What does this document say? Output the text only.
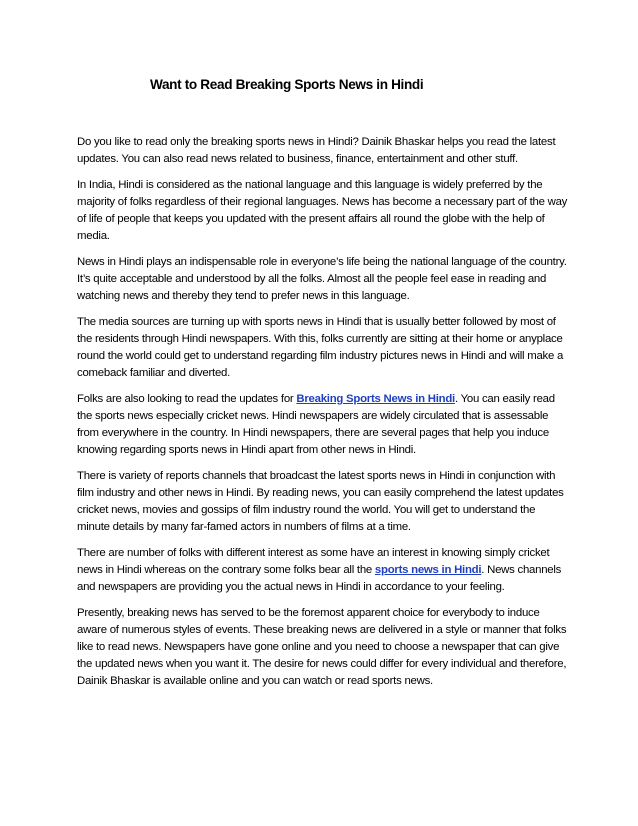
Want to Read Breaking Sports News in Hindi

Do you like to read only the breaking sports news in Hindi? Dainik Bhaskar helps you read the latest updates. You can also read news related to business, finance, entertainment and other stuff.

In India, Hindi is considered as the national language and this language is widely preferred by the majority of folks regardless of their regional languages. News has become a necessary part of the way of life of people that keeps you updated with the present affairs all round the globe with the help of media.

News in Hindi plays an indispensable role in everyone’s life being the national language of the country. It’s quite acceptable and understood by all the folks. Almost all the people feel ease in reading and watching news and thereby they tend to prefer news in this language.

The media sources are turning up with sports news in Hindi that is usually better followed by most of the residents through Hindi newspapers. With this, folks currently are sitting at their home or anyplace round the world could get to understand regarding film industry pictures news in Hindi and will make a comeback familiar and diverted.

Folks are also looking to read the updates for Breaking Sports News in Hindi. You can easily read the sports news especially cricket news. Hindi newspapers are widely circulated that is assessable from everywhere in the country. In Hindi newspapers, there are several pages that help you induce knowing regarding sports news in Hindi apart from other news in Hindi.

There is variety of reports channels that broadcast the latest sports news in Hindi in conjunction with film industry and other news in Hindi. By reading news, you can easily comprehend the latest updates cricket news, movies and gossips of film industry round the world. You will get to understand the minute details by many far-famed actors in numbers of films at a time.

There are number of folks with different interest as some have an interest in knowing simply cricket news in Hindi whereas on the contrary some folks bear all the sports news in Hindi. News channels and newspapers are providing you the actual news in Hindi in accordance to your feeling.

Presently, breaking news has served to be the foremost apparent choice for everybody to induce aware of numerous styles of events. These breaking news are delivered in a style or manner that folks like to read news. Newspapers have gone online and you need to choose a newspaper that can give the updated news when you want it. The desire for news could differ for every individual and therefore, Dainik Bhaskar is available online and you can watch or read sports news.
